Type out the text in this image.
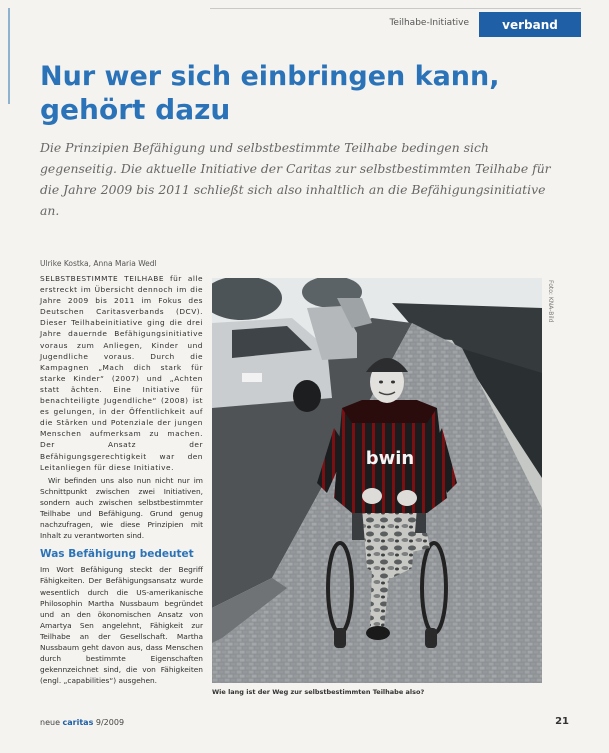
Teilhabe-Initiative	verband
Nur wer sich einbringen kann,
gehört dazu
Die Prinzipien Befähigung und selbstbestimmte Teilhabe bedingen sich gegenseitig. Die aktuelle Initiative der Caritas zur selbstbestimmten Teilhabe für die Jahre 2009 bis 2011 schließt sich also inhaltlich an die Befähigungsinitiative an.
Ulrike Kostka, Anna Maria Wedl

SELBSTBESTIMMTE TEILHABE für alle erstreckt im Übersicht dennoch im die Jahre 2009 bis 2011 im Fokus des Deutschen Caritasverbands (DCV). Dieser Teilhabeinitiative ging die drei Jahre dauernde Befähigungsinitiative voraus zum Anliegen, Kinder und Jugendliche voraus. Durch die Kampagnen „Mach dich stark für starke Kinder“ (2007) und „Achten statt ächten. Eine Initiative für benachteiligte Jugendliche“ (2008) ist es gelungen, in der Öffentlichkeit auf die Stärken und Potenziale der jungen Menschen aufmerksam zu machen. Der Ansatz der Befähigungsgerechtigkeit war den Leitanliegen für diese Initiative.

Wir befinden uns also nun nicht nur im Schnittpunkt zwischen zwei Initiativen, sondern auch zwischen selbstbestimmter Teilhabe und Befähigung. Grund genug nachzufragen, wie diese Prinzipien mit Inhalt zu verantworten sind.

Was Befähigung bedeutet

Im Wort Befähigung steckt der Begriff Fähigkeiten. Der Befähigungsansatz wurde wesentlich durch die US-amerikanische Philosophin Martha Nussbaum begründet und an den ökonomischen Ansatz von Amartya Sen angelehnt, Fähigkeit zur Teilhabe an der Gesellschaft. Martha Nussbaum geht davon aus, dass Menschen durch bestimmte Eigenschaften gekennzeichnet sind, die von Fähigkeiten (engl. „capabilities“) ausgehen.

bwin
Foto: KNA-Bild
Wie lang ist der Weg zur selbstbestimmten Teilhabe also?
neue caritas 9/2009	21
